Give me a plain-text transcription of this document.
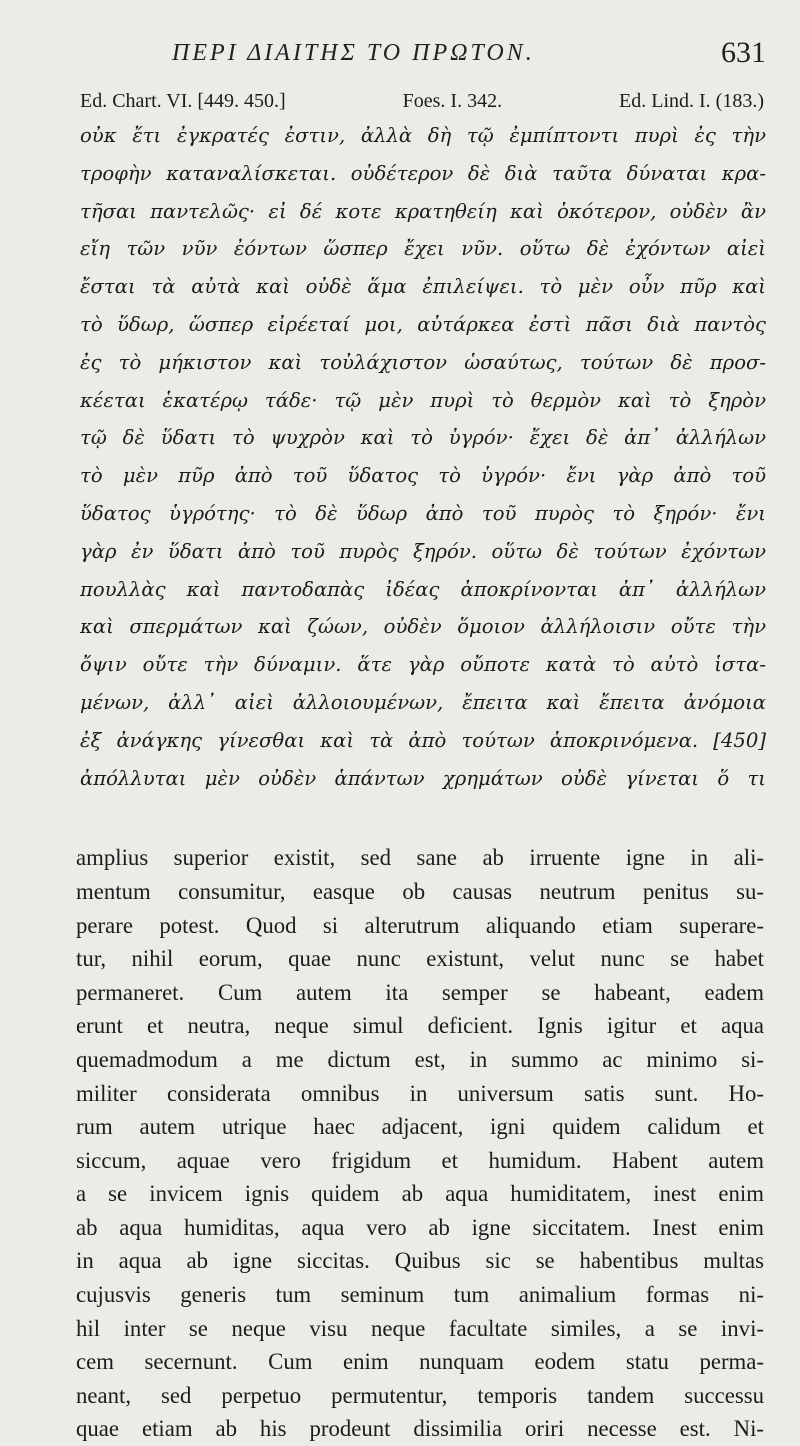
ΠΕΡΙ ΔΙΑΙΤΗΣ ΤΟ ΠΡΩΤΟΝ.	631
Ed. Chart. VI. [449. 450.]	Foes. I. 342.	Ed. Lind. I. (183.)

οὐκ ἔτι ἐγκρατές ἐστιν, ἀλλὰ δὴ τῷ ἐμπίπτοντι πυρὶ ἐς τὴν

τροφὴν καταναλίσκεται. οὐδέτερον δὲ διὰ ταῦτα δύναται κρα-

τῆσαι παντελῶς· εἰ δέ κοτε κρατηθείη καὶ ὁκότερον, οὐδὲν ἂν

εἴη τῶν νῦν ἐόντων ὥσπερ ἔχει νῦν. οὕτω δὲ ἐχόντων αἰεὶ

ἔσται τὰ αὐτὰ καὶ οὐδὲ ἅμα ἐπιλείψει. τὸ μὲν οὖν πῦρ καὶ

τὸ ὕδωρ, ὥσπερ εἰρέεταί μοι, αὐτάρκεα ἐστὶ πᾶσι διὰ παντὸς

ἐς τὸ μήκιστον καὶ τοὐλάχιστον ὡσαύτως, τούτων δὲ προσ-

κέεται ἑκατέρῳ τάδε· τῷ μὲν πυρὶ τὸ θερμὸν καὶ τὸ ξηρὸν

τῷ δὲ ὕδατι τὸ ψυχρὸν καὶ τὸ ὑγρόν· ἔχει δὲ ἀπ᾽ ἀλλήλων

τὸ μὲν πῦρ ἀπὸ τοῦ ὕδατος τὸ ὑγρόν· ἔνι γὰρ ἀπὸ τοῦ

ὕδατος ὑγρότης· τὸ δὲ ὕδωρ ἀπὸ τοῦ πυρὸς τὸ ξηρόν· ἔνι

γὰρ ἐν ὕδατι ἀπὸ τοῦ πυρὸς ξηρόν. οὕτω δὲ τούτων ἐχόντων

πουλλὰς καὶ παντοδαπὰς ἰδέας ἀποκρίνονται ἀπ᾽ ἀλλήλων

καὶ σπερμάτων καὶ ζώων, οὐδὲν ὅμοιον ἀλλήλοισιν οὔτε τὴν

ὄψιν οὔτε τὴν δύναμιν. ἅτε γὰρ οὔποτε κατὰ τὸ αὐτὸ ἱστα-

μένων, ἀλλ᾽ αἰεὶ ἀλλοιουμένων, ἔπειτα καὶ ἔπειτα ἀνόμοια

ἐξ ἀνάγκης γίνεσθαι καὶ τὰ ἀπὸ τούτων ἀποκρινόμενα. [450]

ἀπόλλυται μὲν οὐδὲν ἁπάντων χρημάτων οὐδὲ γίνεται ὅ τι

amplius superior existit, sed sane ab irruente igne in ali-

mentum consumitur, easque ob causas neutrum penitus su-

perare potest. Quod si alterutrum aliquando etiam superare-

tur, nihil eorum, quae nunc existunt, velut nunc se habet

permaneret. Cum autem ita semper se habeant, eadem

erunt et neutra, neque simul deficient. Ignis igitur et aqua

quemadmodum a me dictum est, in summo ac minimo si-

militer considerata omnibus in universum satis sunt. Ho-

rum autem utrique haec adjacent, igni quidem calidum et

siccum, aquae vero frigidum et humidum. Habent autem

a se invicem ignis quidem ab aqua humiditatem, inest enim

ab aqua humiditas, aqua vero ab igne siccitatem. Inest enim

in aqua ab igne siccitas. Quibus sic se habentibus multas

cujusvis generis tum seminum tum animalium formas ni-

hil inter se neque visu neque facultate similes, a se invi-

cem secernunt. Cum enim nunquam eodem statu perma-

neant, sed perpetuo permutentur, temporis tandem successu

quae etiam ab his prodeunt dissimilia oriri necesse est. Ni-
